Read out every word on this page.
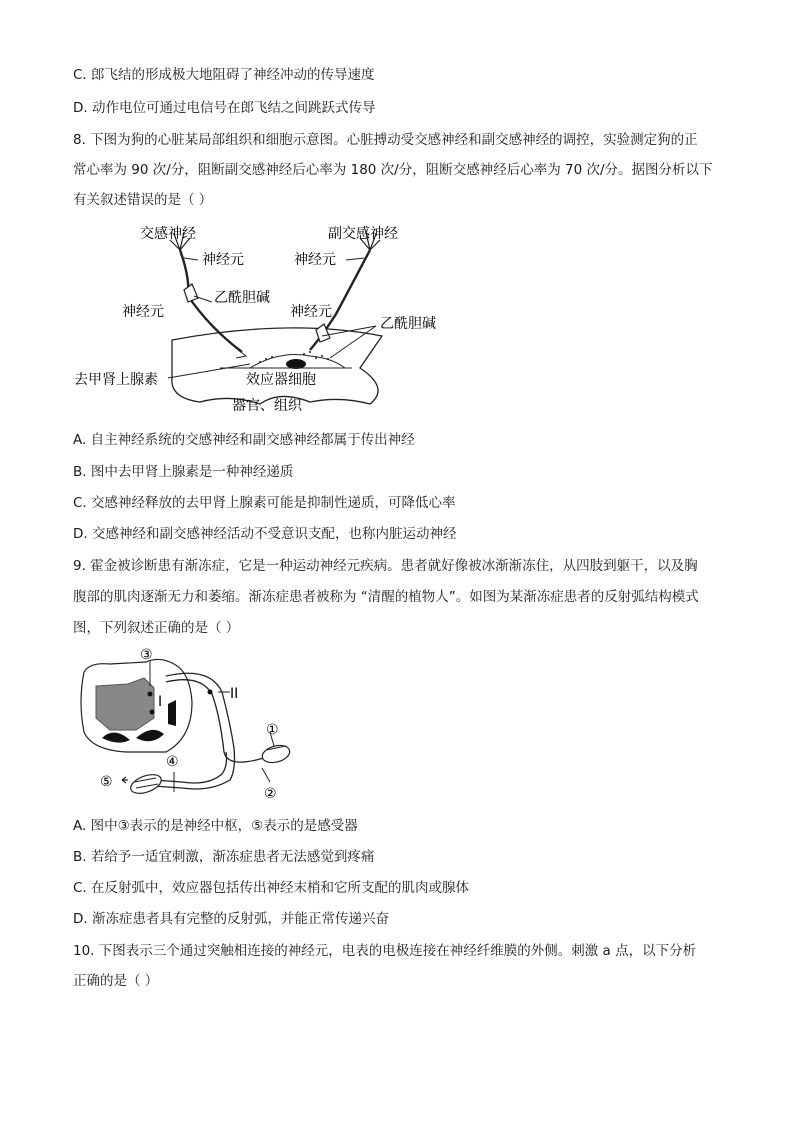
C. 郎飞结的形成极大地阻碍了神经冲动的传导速度
D. 动作电位可通过电信号在郎飞结之间跳跃式传导
8. 下图为狗的心脏某局部组织和细胞示意图。心脏搏动受交感神经和副交感神经的调控，实验测定狗的正
常心率为 90 次/分，阻断副交感神经后心率为 180 次/分，阻断交感神经后心率为 70 次/分。据图分析以下
有关叙述错误的是（ ）
交感神经	副交感神经
神经元	神经元
乙酰胆碱
神经元	神经元
乙酰胆碱
去甲肾上腺素	效应器细胞
器官、组织
A. 自主神经系统的交感神经和副交感神经都属于传出神经
B. 图中去甲肾上腺素是一种神经递质
C. 交感神经释放的去甲肾上腺素可能是抑制性递质，可降低心率
D. 交感神经和副交感神经活动不受意识支配，也称内脏运动神经
9. 霍金被诊断患有渐冻症，它是一种运动神经元疾病。患者就好像被冰渐渐冻住，从四肢到躯干，以及胸
腹部的肌肉逐渐无力和萎缩。渐冻症患者被称为 “清醒的植物人”。如图为某渐冻症患者的反射弧结构模式
图，下列叙述正确的是（ ）
③
I	II
①
④
⑤
②
A. 图中③表示的是神经中枢，⑤表示的是感受器
B. 若给予一适宜刺激，渐冻症患者无法感觉到疼痛
C. 在反射弧中，效应器包括传出神经末梢和它所支配的肌肉或腺体
D. 渐冻症患者具有完整的反射弧，并能正常传递兴奋
10. 下图表示三个通过突触相连接的神经元，电表的电极连接在神经纤维膜的外侧。刺激 a 点，以下分析
正确的是（ ）
